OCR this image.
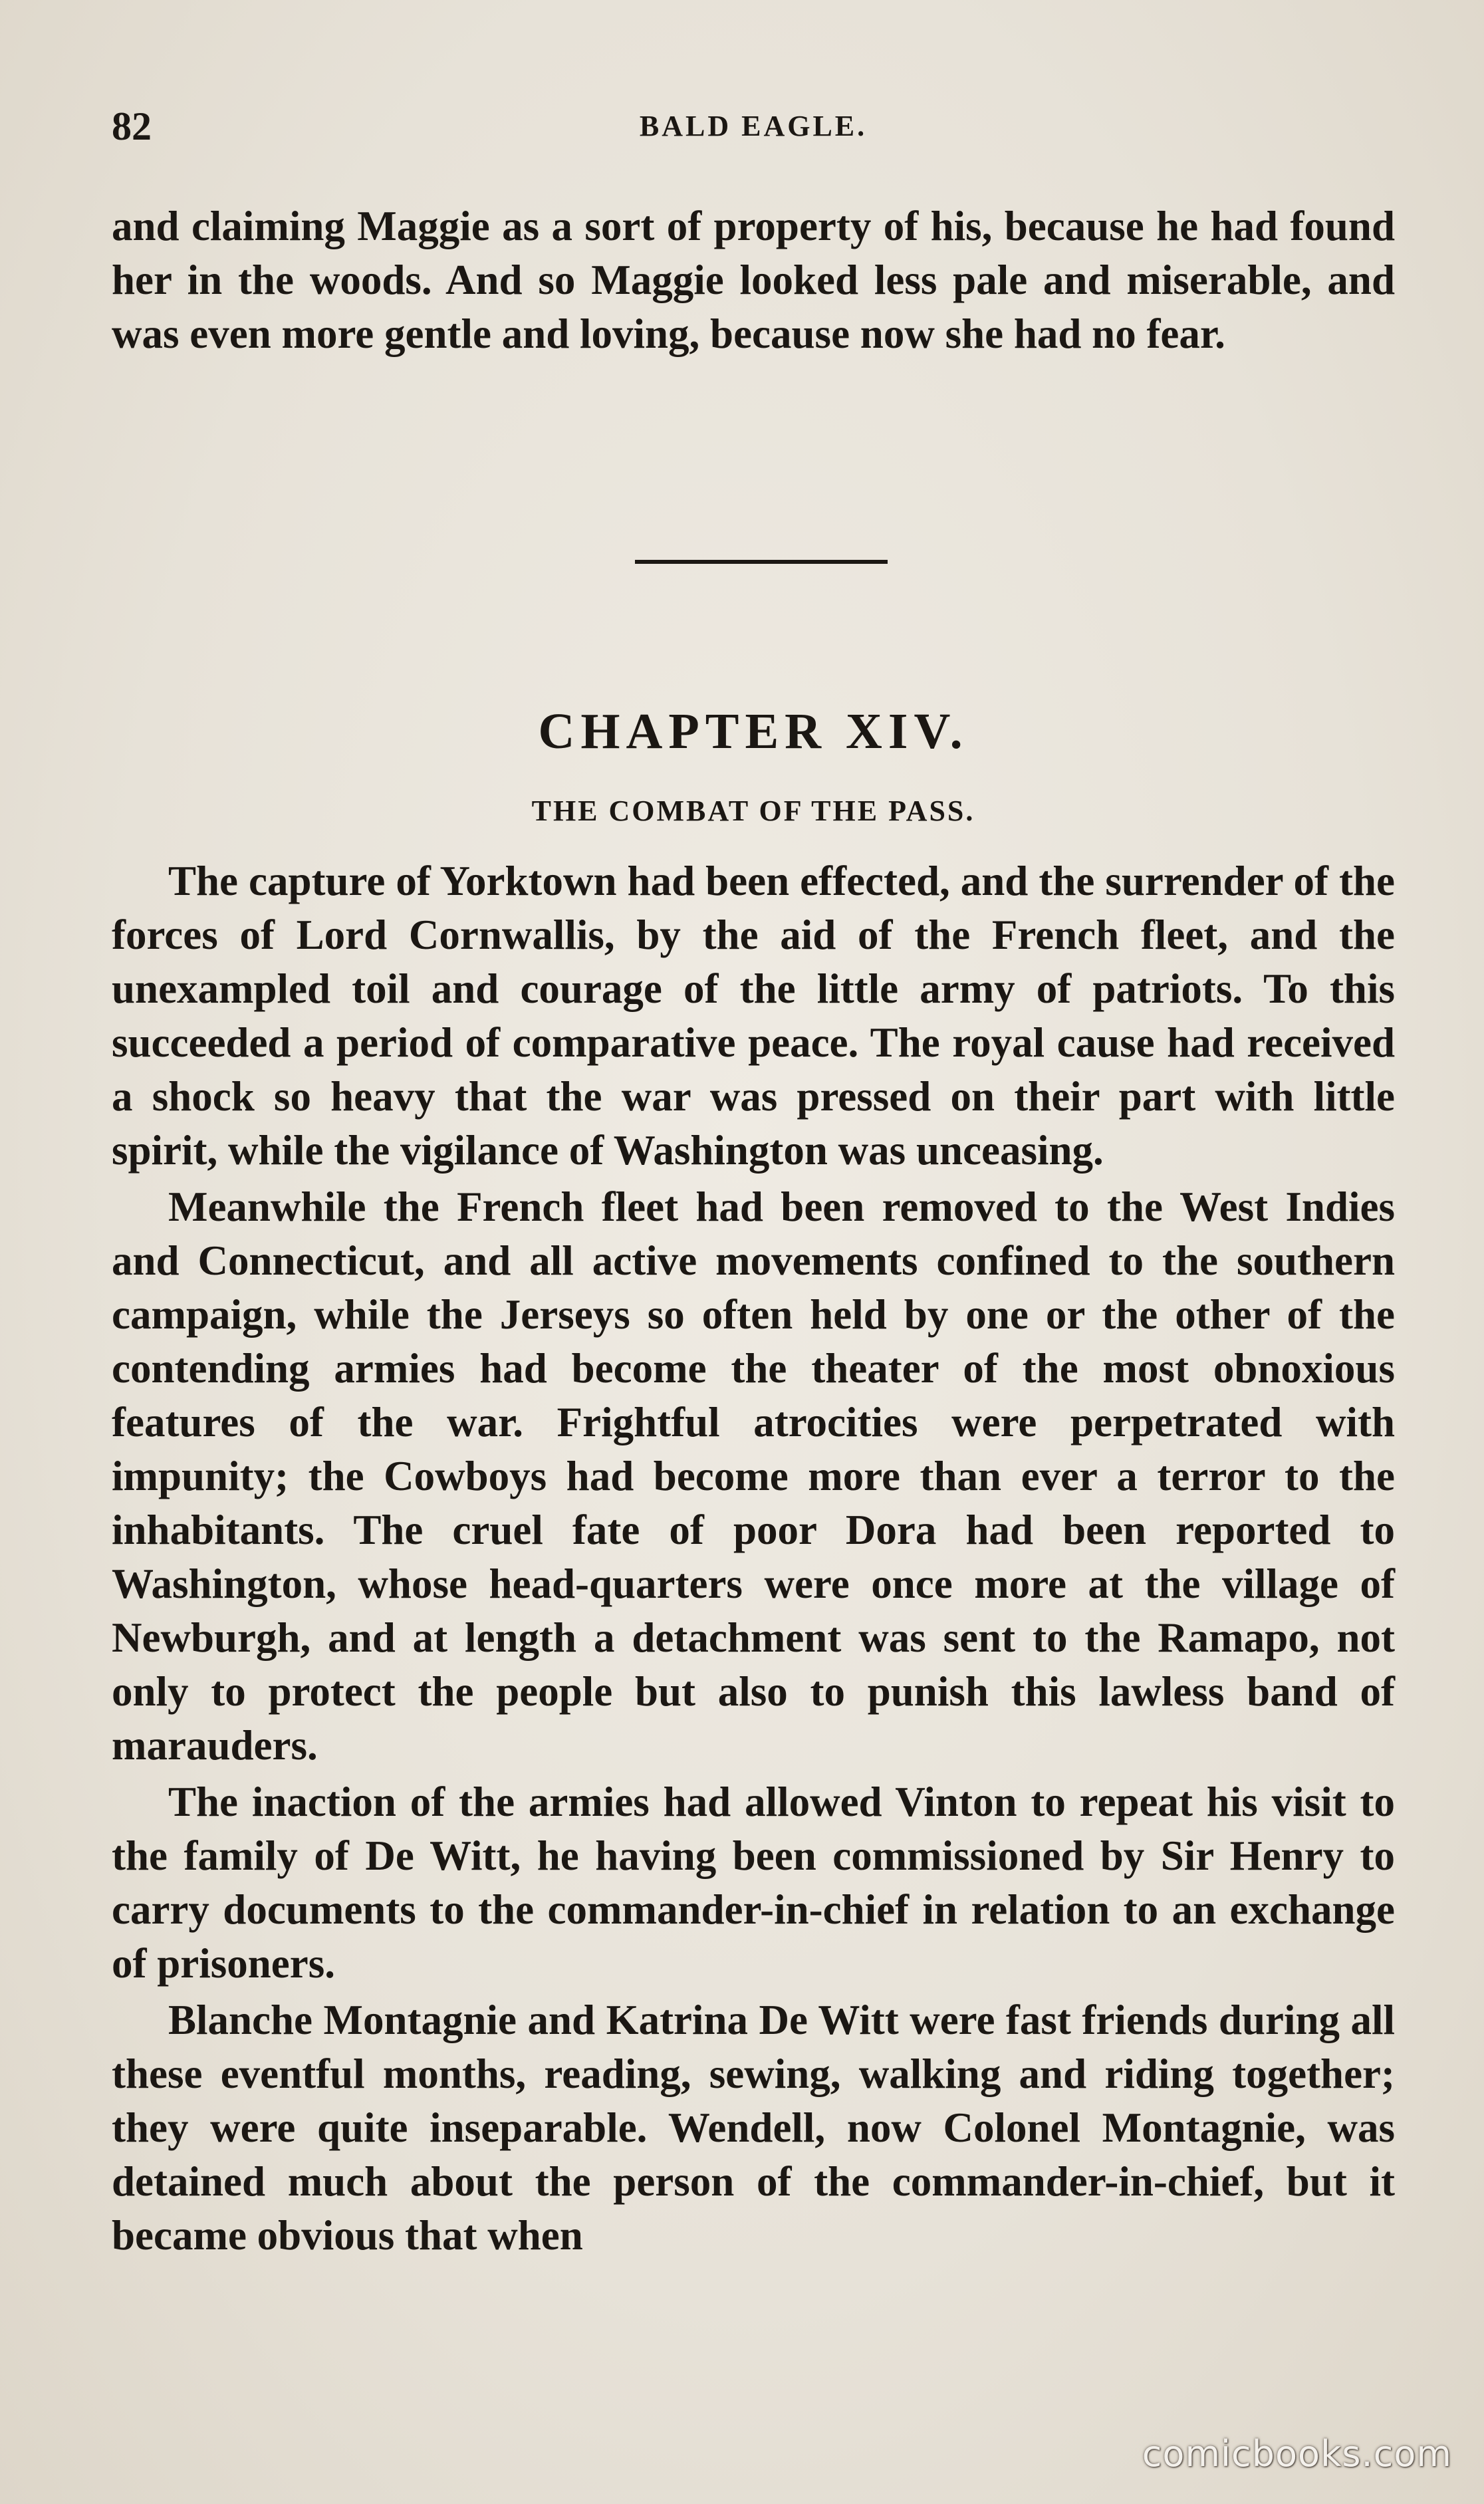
82	BALD EAGLE.

and claiming Maggie as a sort of property of his, because he had found her in the woods. And so Maggie looked less pale and miserable, and was even more gentle and loving, because now she had no fear.

CHAPTER XIV.
THE COMBAT OF THE PASS.

The capture of Yorktown had been effected, and the surrender of the forces of Lord Cornwallis, by the aid of the French fleet, and the unexampled toil and courage of the little army of patriots. To this succeeded a period of comparative peace. The royal cause had received a shock so heavy that the war was pressed on their part with little spirit, while the vigilance of Washington was unceasing.

Meanwhile the French fleet had been removed to the West Indies and Connecticut, and all active movements confined to the southern campaign, while the Jerseys so often held by one or the other of the contending armies had become the theater of the most obnoxious features of the war. Frightful atrocities were perpetrated with impunity; the Cowboys had become more than ever a terror to the inhabitants. The cruel fate of poor Dora had been reported to Washington, whose head-quarters were once more at the village of Newburgh, and at length a detachment was sent to the Ramapo, not only to protect the people but also to punish this lawless band of marauders.

The inaction of the armies had allowed Vinton to repeat his visit to the family of De Witt, he having been commissioned by Sir Henry to carry documents to the commander-in-chief in relation to an exchange of prisoners.

Blanche Montagnie and Katrina De Witt were fast friends during all these eventful months, reading, sewing, walking and riding together; they were quite inseparable. Wendell, now Colonel Montagnie, was detained much about the person of the commander-in-chief, but it became obvious that when

comicbooks.com
